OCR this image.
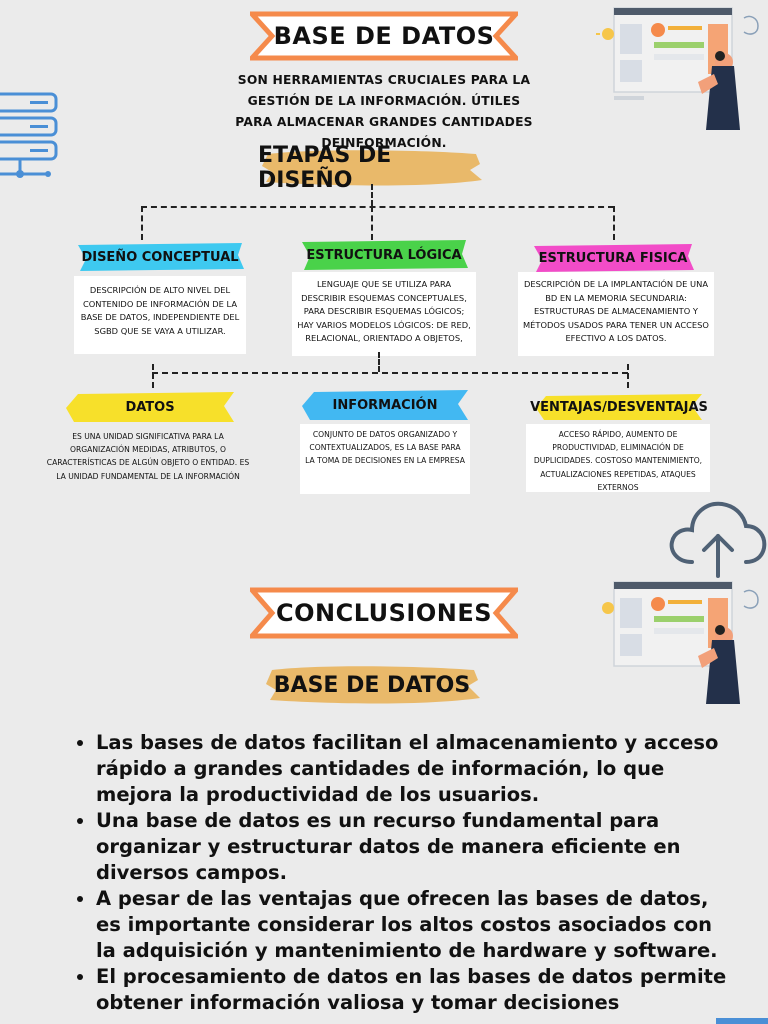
BASE DE DATOS
SON HERRAMIENTAS CRUCIALES PARA LA GESTIÓN DE LA INFORMACIÓN. ÚTILES PARA ALMACENAR GRANDES CANTIDADES DEINFORMACIÓN.
ETAPAS DE DISEÑO
DISEÑO CONCEPTUAL
DESCRIPCIÓN DE ALTO NIVEL DEL CONTENIDO DE INFORMACIÓN DE LA BASE DE DATOS, INDEPENDIENTE DEL SGBD QUE SE VAYA A UTILIZAR.
ESTRUCTURA LÓGICA
LENGUAJE QUE SE UTILIZA PARA DESCRIBIR ESQUEMAS CONCEPTUALES, PARA DESCRIBIR ESQUEMAS LÓGICOS; HAY VARIOS MODELOS LÓGICOS: DE RED, RELACIONAL, ORIENTADO A OBJETOS,
ESTRUCTURA FISICA
DESCRIPCIÓN DE LA IMPLANTACIÓN DE UNA BD EN LA MEMORIA SECUNDARIA: ESTRUCTURAS DE ALMACENAMIENTO Y MÉTODOS USADOS PARA TENER UN ACCESO EFECTIVO A LOS DATOS.
DATOS
ES UNA UNIDAD SIGNIFICATIVA PARA LA ORGANIZACIÓN MEDIDAS, ATRIBUTOS, O CARACTERÍSTICAS DE ALGÚN OBJETO O ENTIDAD. ES LA UNIDAD FUNDAMENTAL DE LA INFORMACIÓN
INFORMACIÓN
CONJUNTO DE DATOS ORGANIZADO Y CONTEXTUALIZADOS, ES LA BASE PARA LA TOMA DE DECISIONES EN LA EMPRESA
VENTAJAS/DESVENTAJAS
ACCESO RÁPIDO, AUMENTO DE PRODUCTIVIDAD, ELIMINACIÓN DE DUPLICIDADES. COSTOSO MANTENIMIENTO, ACTUALIZACIONES REPETIDAS, ATAQUES EXTERNOS
CONCLUSIONES
BASE DE DATOS
• Las bases de datos facilitan el almacenamiento y acceso rápido a grandes cantidades de información, lo que mejora la productividad de los usuarios.
• Una base de datos es un recurso fundamental para organizar y estructurar datos de manera eficiente en diversos campos.
• A pesar de las ventajas que ofrecen las bases de datos, es importante considerar los altos costos asociados con la adquisición y mantenimiento de hardware y software.
• El procesamiento de datos en las bases de datos permite obtener información valiosa y tomar decisiones
